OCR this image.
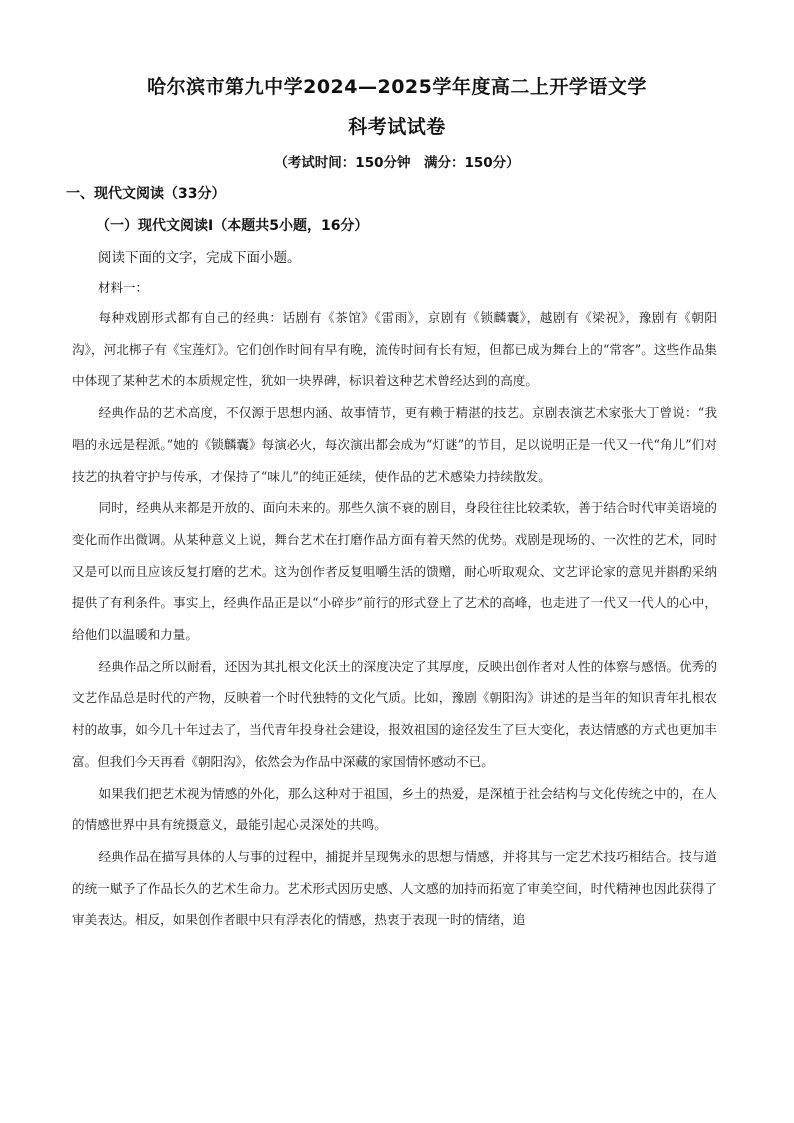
哈尔滨市第九中学2024—2025学年度高二上开学语文学
科考试试卷
（考试时间：150分钟　满分：150分）
一、现代文阅读（33分）
（一）现代文阅读Ⅰ（本题共5小题，16分）
阅读下面的文字，完成下面小题。
材料一：

每种戏剧形式都有自己的经典：话剧有《茶馆》《雷雨》，京剧有《锁麟囊》，越剧有《梁祝》，豫剧有《朝阳沟》，河北梆子有《宝莲灯》。它们创作时间有早有晚，流传时间有长有短，但都已成为舞台上的“常客”。这些作品集中体现了某种艺术的本质规定性，犹如一块界碑，标识着这种艺术曾经达到的高度。

经典作品的艺术高度，不仅源于思想内涵、故事情节，更有赖于精湛的技艺。京剧表演艺术家张大丁曾说：“我唱的永远是程派。”她的《锁麟囊》每演必火，每次演出都会成为“灯谜”的节目，足以说明正是一代又一代“角儿”们对技艺的执着守护与传承，才保持了“味儿”的纯正延续，使作品的艺术感染力持续散发。

同时，经典从来都是开放的、面向未来的。那些久演不衰的剧目，身段往往比较柔软，善于结合时代审美语境的变化而作出微调。从某种意义上说，舞台艺术在打磨作品方面有着天然的优势。戏剧是现场的、一次性的艺术，同时又是可以而且应该反复打磨的艺术。这为创作者反复咀嚼生活的馈赠，耐心听取观众、文艺评论家的意见并斟酌采纳提供了有利条件。事实上，经典作品正是以“小碎步”前行的形式登上了艺术的高峰，也走进了一代又一代人的心中，给他们以温暖和力量。

经典作品之所以耐看，还因为其扎根文化沃土的深度决定了其厚度，反映出创作者对人性的体察与感悟。优秀的文艺作品总是时代的产物，反映着一个时代独特的文化气质。比如，豫剧《朝阳沟》讲述的是当年的知识青年扎根农村的故事，如今几十年过去了，当代青年投身社会建设，报效祖国的途径发生了巨大变化，表达情感的方式也更加丰富。但我们今天再看《朝阳沟》，依然会为作品中深藏的家国情怀感动不已。

如果我们把艺术视为情感的外化，那么这种对于祖国，乡土的热爱，是深植于社会结构与文化传统之中的，在人的情感世界中具有统摄意义，最能引起心灵深处的共鸣。

经典作品在描写具体的人与事的过程中，捕捉并呈现隽永的思想与情感，并将其与一定艺术技巧相结合。技与道的统一赋予了作品长久的艺术生命力。艺术形式因历史感、人文感的加持而拓宽了审美空间，时代精神也因此获得了审美表达。相反，如果创作者眼中只有浮表化的情感，热衷于表现一时的情绪，追
